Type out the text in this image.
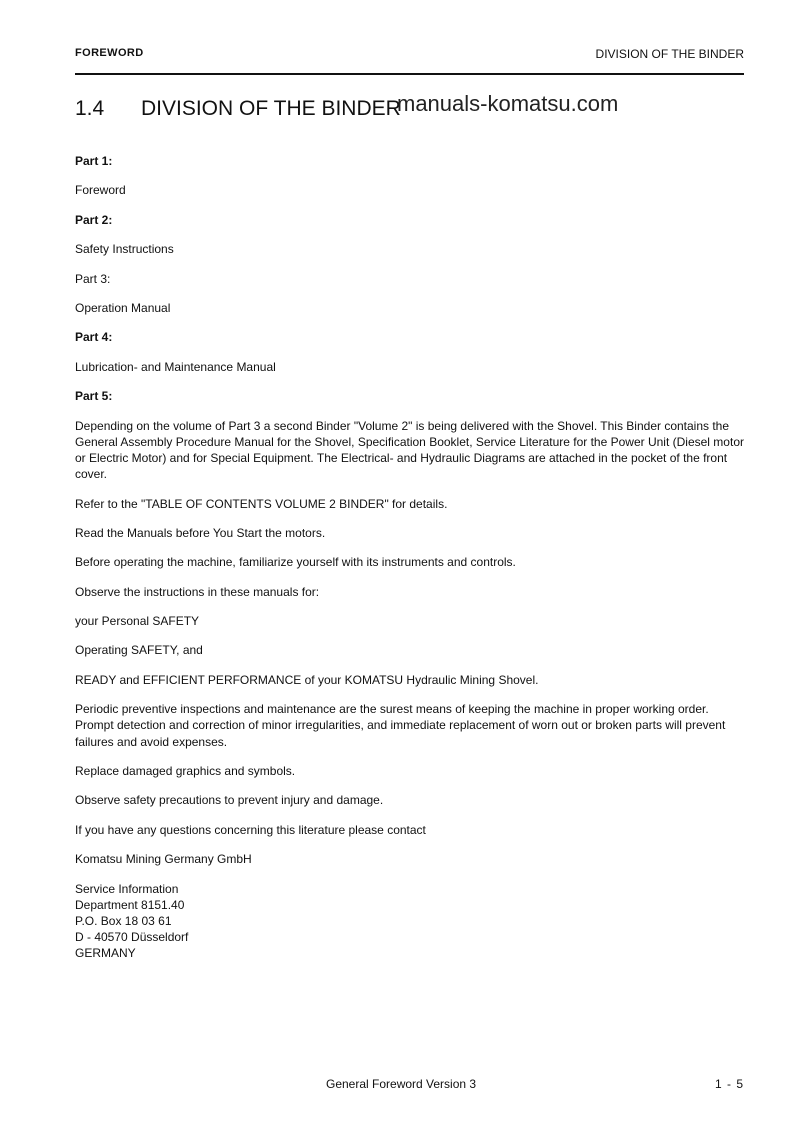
FOREWORD	DIVISION OF THE BINDER
1.4 DIVISION OF THE BINDER
manuals-komatsu.com

Part 1:

Foreword

Part 2:

Safety Instructions

Part 3:

Operation Manual

Part 4:

Lubrication- and Maintenance Manual

Part 5:

Depending on the volume of Part 3 a second Binder "Volume 2" is being delivered with the Shovel. This Binder contains the General Assembly Procedure Manual for the Shovel, Specification Booklet, Service Literature for the Power Unit (Diesel motor or Electric Motor) and for Special Equipment. The Electrical- and Hydraulic Diagrams are attached in the pocket of the front cover.

Refer to the "TABLE OF CONTENTS VOLUME 2 BINDER" for details.

Read the Manuals before You Start the motors.

Before operating the machine, familiarize yourself with its instruments and controls.

Observe the instructions in these manuals for:

your Personal SAFETY

Operating SAFETY, and

READY and EFFICIENT PERFORMANCE of your KOMATSU Hydraulic Mining Shovel.

Periodic preventive inspections and maintenance are the surest means of keeping the machine in proper working order. Prompt detection and correction of minor irregularities, and immediate replacement of worn out or broken parts will prevent failures and avoid expenses.

Replace damaged graphics and symbols.

Observe safety precautions to prevent injury and damage.

If you have any questions concerning this literature please contact

Komatsu Mining Germany GmbH

Service Information
Department 8151.40
P.O. Box 18 03 61
D - 40570 Düsseldorf
GERMANY
General Foreword Version 3	1 - 5
